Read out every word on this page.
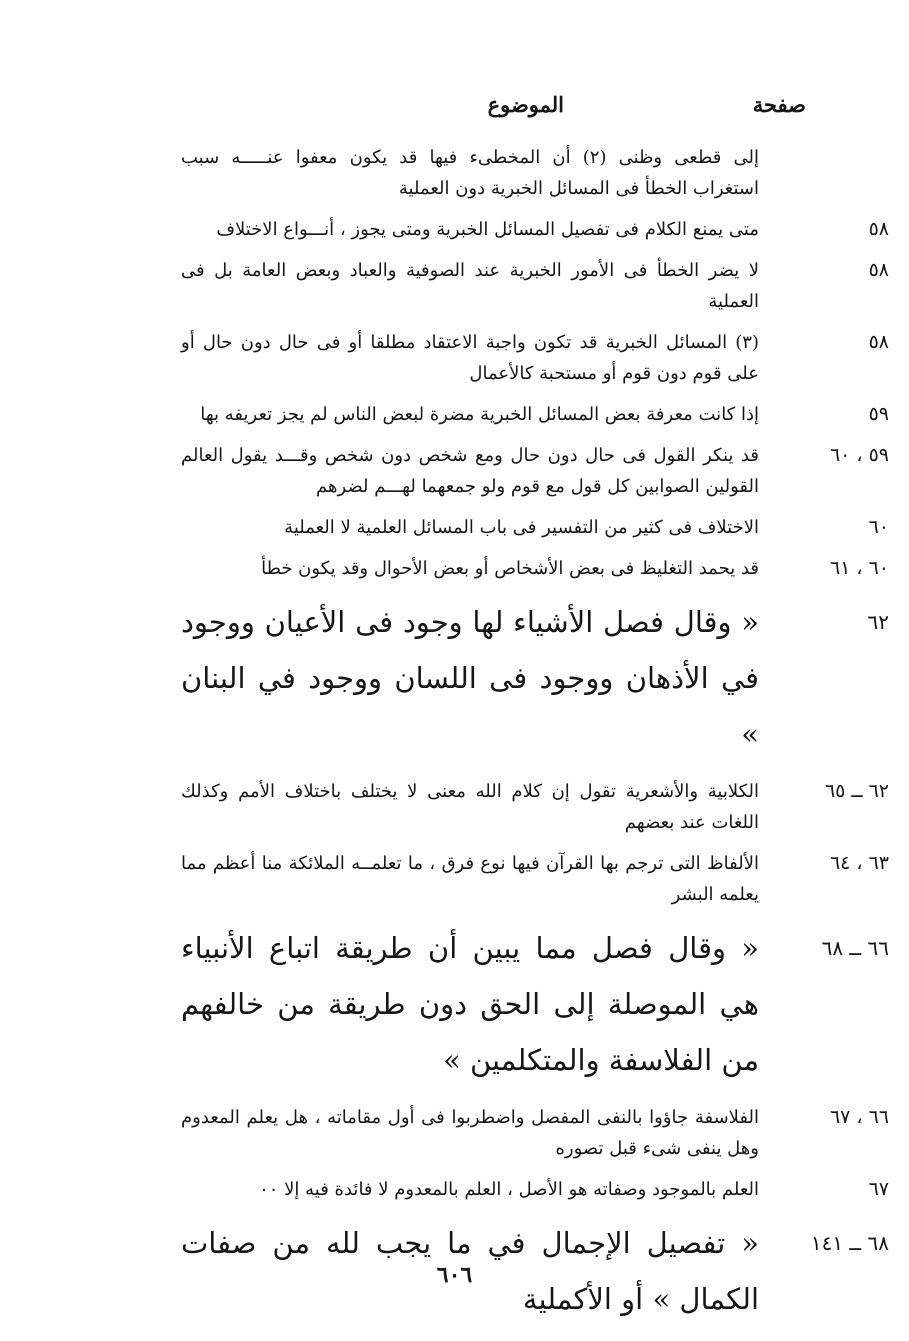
صفحة
الموضوع
إلى قطعى وظنى (٢) أن المخطىء فيها قد يكون معفوا عنـــــه سبب استغراب الخطأ فى المسائل الخبرية دون العملية
٥٨
متى يمنع الكلام فى تفصيل المسائل الخبرية ومتى يجوز ، أنـــواع الاختلاف
٥٨
لا يضر الخطأ فى الأمور الخبرية عند الصوفية والعباد وبعض العامة بل فى العملية
٥٨
(٣) المسائل الخبرية قد تكون واجبة الاعتقاد مطلقا أو فى حال دون حال أو على قوم دون قوم أو مستحبة كالأعمال
٥٩
إذا كانت معرفة بعض المسائل الخبرية مضرة لبعض الناس لم يجز تعريفه بها
٥٩ ، ٦٠
قد ينكر القول فى حال دون حال ومع شخص دون شخص وقـــد يقول العالم القولين الصوابين كل قول مع قوم ولو جمعهما لهـــم لضرهم
٦٠
الاختلاف فى كثير من التفسير فى باب المسائل العلمية لا العملية
٦٠ ، ٦١
قد يحمد التغليظ فى بعض الأشخاص أو بعض الأحوال وقد يكون خطأ
٦٢
« وقال فصل الأشياء لها وجود فى الأعيان ووجود في الأذهان ووجود فى اللسان ووجود في البنان »
٦٢ ــ ٦٥
الكلابية والأشعرية تقول إن كلام الله معنى لا يختلف باختلاف الأمم وكذلك اللغات عند بعضهم
٦٣ ، ٦٤
الألفاظ التى ترجم بها القرآن فيها نوع فرق ، ما تعلمــه الملائكة منا أعظم مما يعلمه البشر
٦٦ ــ ٦٨
« وقال فصل مما يبين أن طريقة اتباع الأنبياء هي الموصلة إلى الحق دون طريقة من خالفهم من الفلاسفة والمتكلمين »
٦٦ ، ٦٧
الفلاسفة جاؤوا بالنفى المفصل واضطربوا فى أول مقاماته ، هل يعلم المعدوم وهل ينفى شىء قبل تصوره
٦٧
العلم بالموجود وصفاته هو الأصل ، العلم بالمعدوم لا فائدة فيه إلا ٠٠
٦٨ ــ ١٤١
« تفصيل الإجمال في ما يجب لله من صفات الكمال » أو الأكملية
٦٠٦
